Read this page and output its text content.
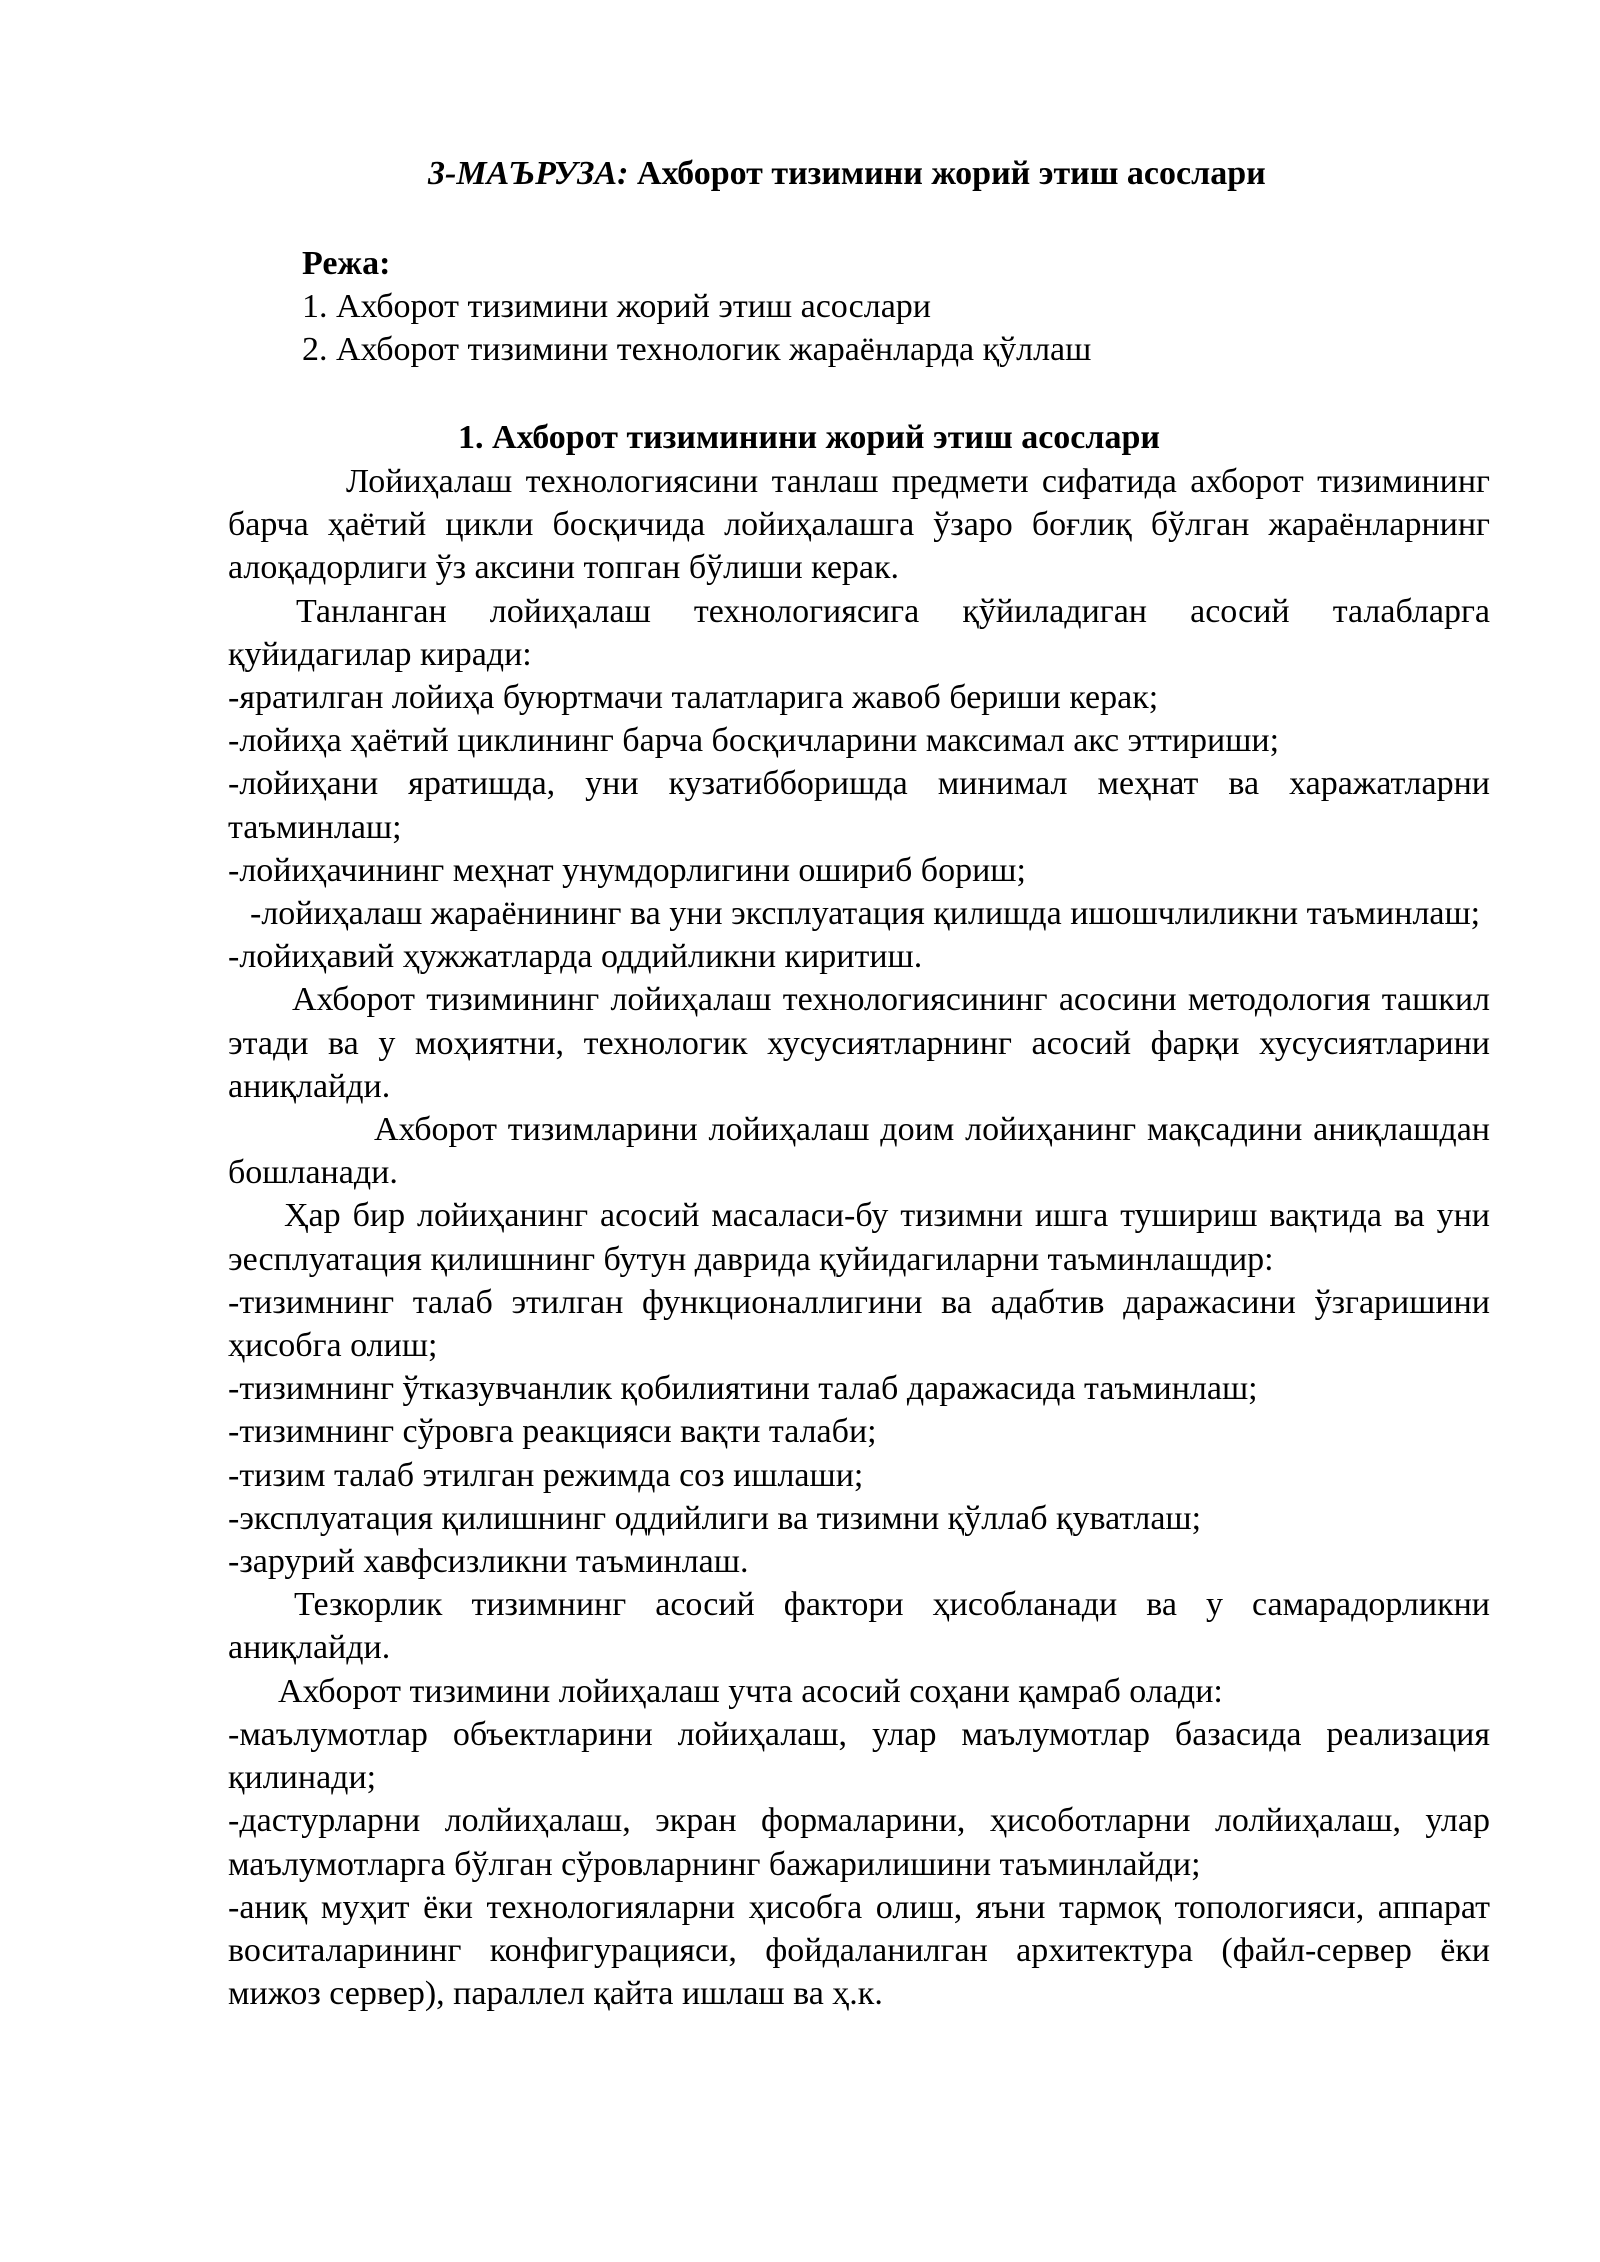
3-МАЪРУЗА: Ахборот тизимини жорий этиш асослари

Режа:

1. Ахборот тизимини жорий этиш асослари

2. Ахборот тизимини технологик жараёнларда қўллаш

1. Ахборот тизиминини жорий этиш асослари

Лойиҳалаш технологиясини танлаш предмети сифатида ахборот тизимининг барча ҳаётий цикли босқичида лойиҳалашга ўзаро боғлиқ бўлган жараёнларнинг алоқадорлиги ўз аксини топган бўлиши керак.

Танланган лойиҳалаш технологиясига қўйиладиган асосий талабларга қуйидагилар киради:

-яратилган лойиҳа буюртмачи талатларига жавоб бериши керак;

-лойиҳа ҳаётий циклининг барча босқичларини максимал акс эттириши;

-лойиҳани яратишда, уни кузатибборишда минимал меҳнат ва харажатларни таъминлаш;

-лойиҳачининг меҳнат унумдорлигини ошириб бориш;

-лойиҳалаш жараёнининг ва уни эксплуатация қилишда ишошчлиликни таъминлаш;

-лойиҳавий ҳужжатларда оддийликни киритиш.

Ахборот тизимининг лойиҳалаш технологиясининг асосини методология ташкил этади ва у моҳиятни, технологик хусусиятларнинг асосий фарқи хусусиятларини аниқлайди.

Ахборот тизимларини лойиҳалаш доим лойиҳанинг мақсадини аниқлашдан бошланади.

Ҳар бир лойиҳанинг асосий масаласи-бу тизимни ишга тушириш вақтида ва уни эесплуатация қилишнинг бутун даврида қуйидагиларни таъминлашдир:

-тизимнинг талаб этилган функционаллигини ва адабтив даражасини ўзгаришини ҳисобга олиш;

-тизимнинг ўтказувчанлик қобилиятини талаб даражасида таъминлаш;

-тизимнинг сўровга реакцияси вақти талаби;

-тизим талаб этилган режимда соз ишлаши;

-эксплуатация қилишнинг оддийлиги ва тизимни қўллаб қуватлаш;

-зарурий хавфсизликни таъминлаш.

Тезкорлик тизимнинг асосий фактори ҳисобланади ва у самарадорликни аниқлайди.

Ахборот тизимини лойиҳалаш учта асосий соҳани қамраб олади:

-маълумотлар объектларини лойиҳалаш, улар маълумотлар базасида реализация қилинади;

-дастурларни лолйиҳалаш, экран формаларини, ҳисоботларни лолйиҳалаш, улар маълумотларга бўлган сўровларнинг бажарилишини таъминлайди;

-аниқ муҳит ёки технологияларни ҳисобга олиш, яъни тармоқ топологияси, аппарат воситаларининг конфигурацияси, фойдаланилган архитектура (файл-сервер ёки мижоз сервер), параллел қайта ишлаш ва ҳ.к.
